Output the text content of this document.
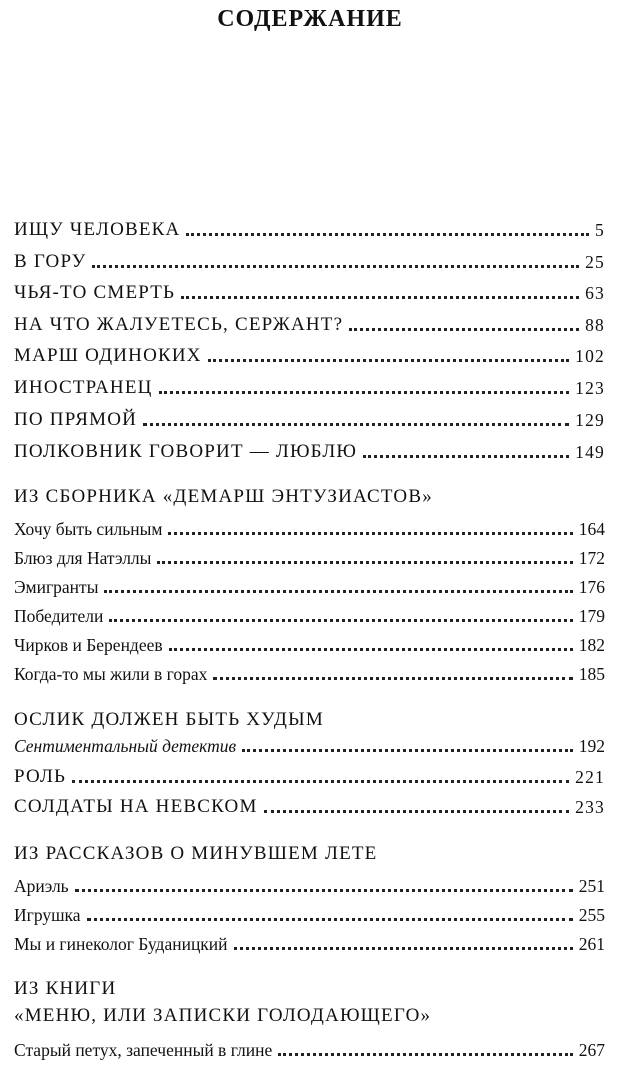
СОДЕРЖАНИЕ
ИЩУ ЧЕЛОВЕКА	5
В ГОРУ	25
ЧЬЯ-ТО СМЕРТЬ	63
НА ЧТО ЖАЛУЕТЕСЬ, СЕРЖАНТ?	88
МАРШ ОДИНОКИХ	102
ИНОСТРАНЕЦ	123
ПО ПРЯМОЙ	129
ПОЛКОВНИК ГОВОРИТ — ЛЮБЛЮ	149
ИЗ СБОРНИКА «ДЕМАРШ ЭНТУЗИАСТОВ»
Хочу быть сильным	164
Блюз для Натэллы	172
Эмигранты	176
Победители	179
Чирков и Берендеев	182
Когда-то мы жили в горах	185
ОСЛИК ДОЛЖЕН БЫТЬ ХУДЫМ
Сентиментальный детектив	192
РОЛЬ	221
СОЛДАТЫ НА НЕВСКОМ	233
ИЗ РАССКАЗОВ О МИНУВШЕМ ЛЕТЕ
Ариэль	251
Игрушка	255
Мы и гинеколог Буданицкий	261
ИЗ КНИГИ
«МЕНЮ, ИЛИ ЗАПИСКИ ГОЛОДАЮЩЕГО»
Старый петух, запеченный в глине	267
